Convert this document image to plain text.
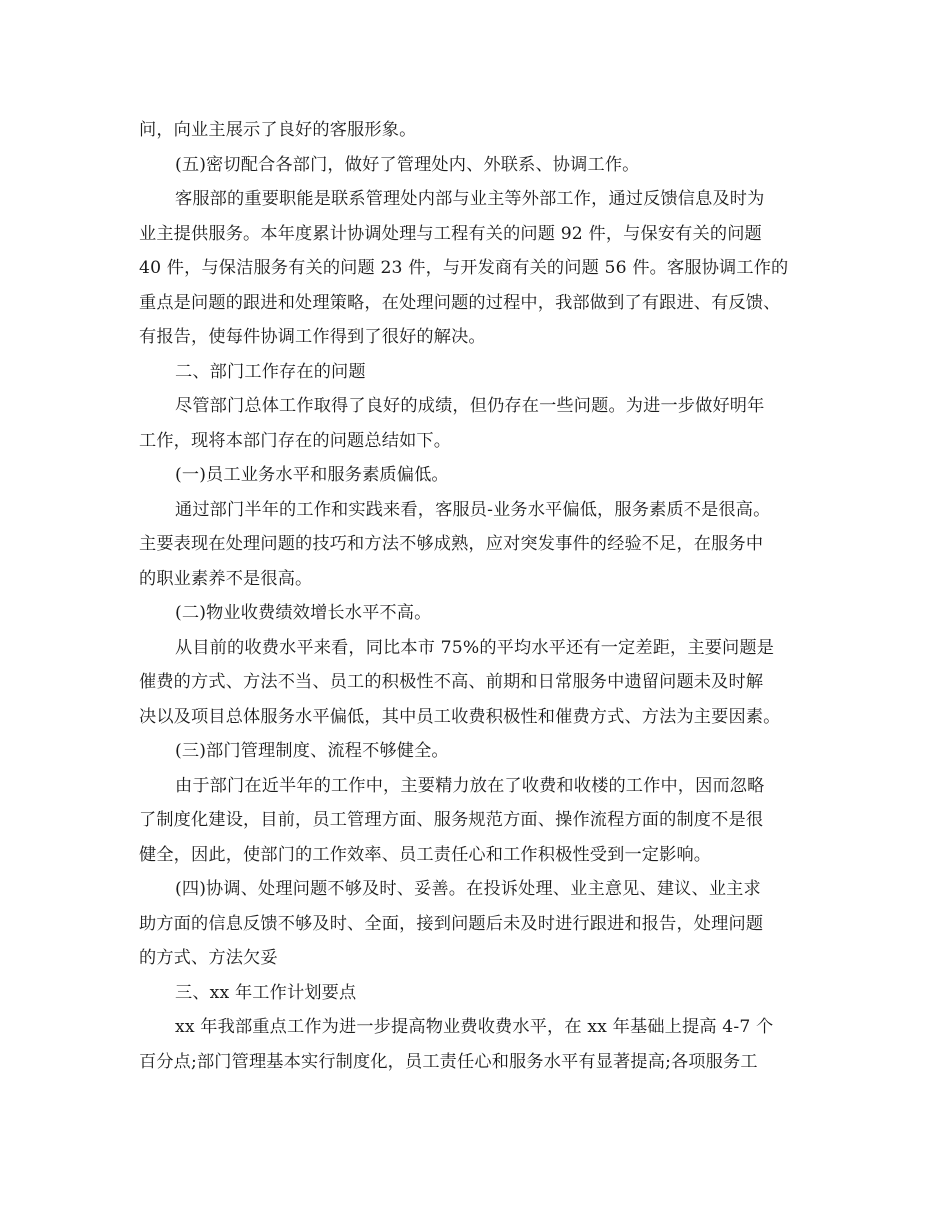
问，向业主展示了良好的客服形象。
(五)密切配合各部门，做好了管理处内、外联系、协调工作。
客服部的重要职能是联系管理处内部与业主等外部工作，通过反馈信息及时为
业主提供服务。本年度累计协调处理与工程有关的问题 92 件，与保安有关的问题
40 件，与保洁服务有关的问题 23 件，与开发商有关的问题 56 件。客服协调工作的
重点是问题的跟进和处理策略，在处理问题的过程中，我部做到了有跟进、有反馈、
有报告，使每件协调工作得到了很好的解决。
二、部门工作存在的问题
尽管部门总体工作取得了良好的成绩，但仍存在一些问题。为进一步做好明年
工作，现将本部门存在的问题总结如下。
(一)员工业务水平和服务素质偏低。
通过部门半年的工作和实践来看，客服员-业务水平偏低，服务素质不是很高。
主要表现在处理问题的技巧和方法不够成熟，应对突发事件的经验不足，在服务中
的职业素养不是很高。
(二)物业收费绩效增长水平不高。
从目前的收费水平来看，同比本市 75%的平均水平还有一定差距，主要问题是
催费的方式、方法不当、员工的积极性不高、前期和日常服务中遗留问题未及时解
决以及项目总体服务水平偏低，其中员工收费积极性和催费方式、方法为主要因素。
(三)部门管理制度、流程不够健全。
由于部门在近半年的工作中，主要精力放在了收费和收楼的工作中，因而忽略
了制度化建设，目前，员工管理方面、服务规范方面、操作流程方面的制度不是很
健全，因此，使部门的工作效率、员工责任心和工作积极性受到一定影响。
(四)协调、处理问题不够及时、妥善。在投诉处理、业主意见、建议、业主求
助方面的信息反馈不够及时、全面，接到问题后未及时进行跟进和报告，处理问题
的方式、方法欠妥
三、xx 年工作计划要点
xx 年我部重点工作为进一步提高物业费收费水平，在 xx 年基础上提高 4-7 个
百分点;部门管理基本实行制度化，员工责任心和服务水平有显著提高;各项服务工
